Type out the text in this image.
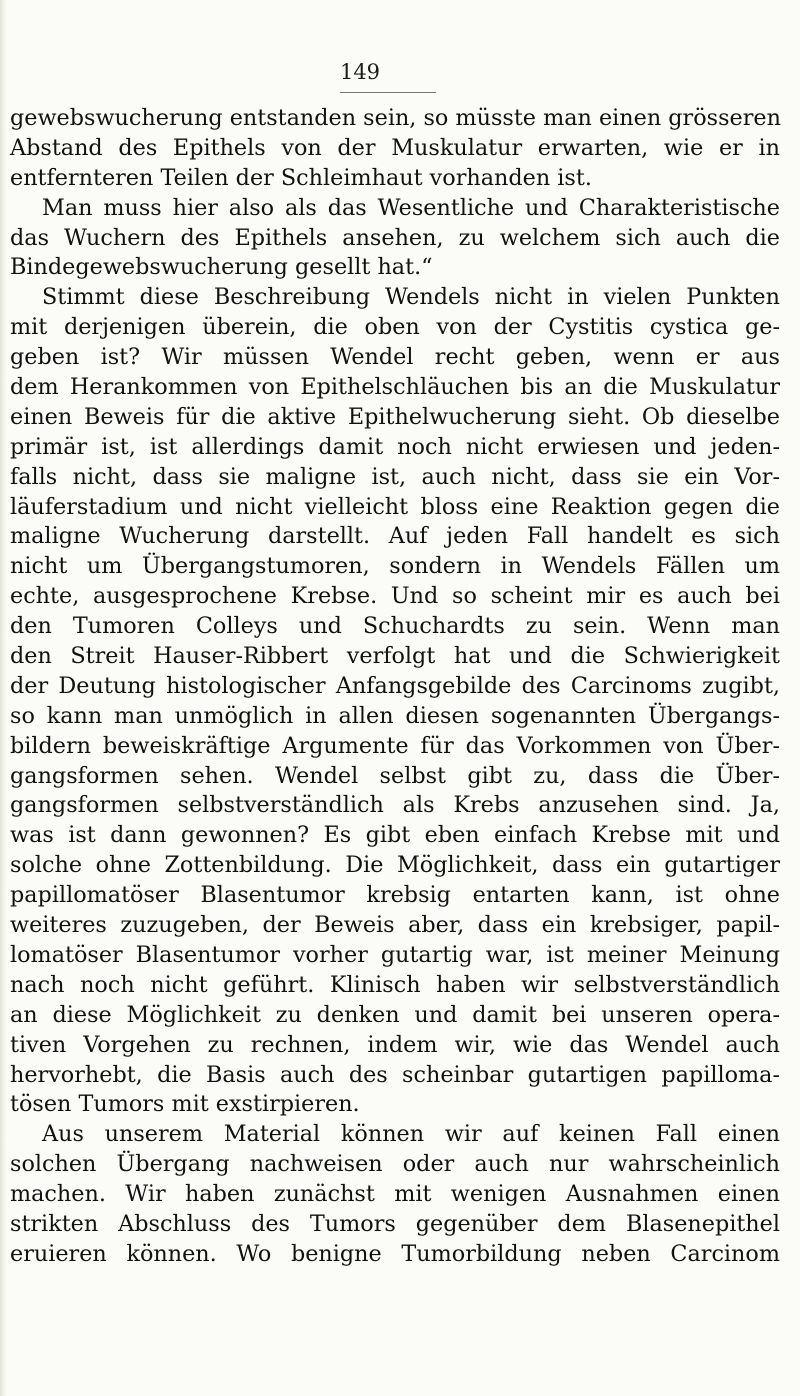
149
gewebswucherung entstanden sein, so müsste man einen grösseren
Abstand des Epithels von der Muskulatur erwarten, wie er in
entfernteren Teilen der Schleimhaut vorhanden ist.
Man muss hier also als das Wesentliche und Charakteristische
das Wuchern des Epithels ansehen, zu welchem sich auch die
Bindegewebswucherung gesellt hat.“
Stimmt diese Beschreibung Wendels nicht in vielen Punkten
mit derjenigen überein, die oben von der Cystitis cystica ge-
geben ist? Wir müssen Wendel recht geben, wenn er aus
dem Herankommen von Epithelschläuchen bis an die Muskulatur
einen Beweis für die aktive Epithelwucherung sieht. Ob dieselbe
primär ist, ist allerdings damit noch nicht erwiesen und jeden-
falls nicht, dass sie maligne ist, auch nicht, dass sie ein Vor-
läuferstadium und nicht vielleicht bloss eine Reaktion gegen die
maligne Wucherung darstellt. Auf jeden Fall handelt es sich
nicht um Übergangstumoren, sondern in Wendels Fällen um
echte, ausgesprochene Krebse. Und so scheint mir es auch bei
den Tumoren Colleys und Schuchardts zu sein. Wenn man
den Streit Hauser-Ribbert verfolgt hat und die Schwierigkeit
der Deutung histologischer Anfangsgebilde des Carcinoms zugibt,
so kann man unmöglich in allen diesen sogenannten Übergangs-
bildern beweiskräftige Argumente für das Vorkommen von Über-
gangsformen sehen. Wendel selbst gibt zu, dass die Über-
gangsformen selbstverständlich als Krebs anzusehen sind. Ja,
was ist dann gewonnen? Es gibt eben einfach Krebse mit und
solche ohne Zottenbildung. Die Möglichkeit, dass ein gutartiger
papillomatöser Blasentumor krebsig entarten kann, ist ohne
weiteres zuzugeben, der Beweis aber, dass ein krebsiger, papil-
lomatöser Blasentumor vorher gutartig war, ist meiner Meinung
nach noch nicht geführt. Klinisch haben wir selbstverständlich
an diese Möglichkeit zu denken und damit bei unseren opera-
tiven Vorgehen zu rechnen, indem wir, wie das Wendel auch
hervorhebt, die Basis auch des scheinbar gutartigen papilloma-
tösen Tumors mit exstirpieren.
Aus unserem Material können wir auf keinen Fall einen
solchen Übergang nachweisen oder auch nur wahrscheinlich
machen. Wir haben zunächst mit wenigen Ausnahmen einen
strikten Abschluss des Tumors gegenüber dem Blasenepithel
eruieren können. Wo benigne Tumorbildung neben Carcinom
